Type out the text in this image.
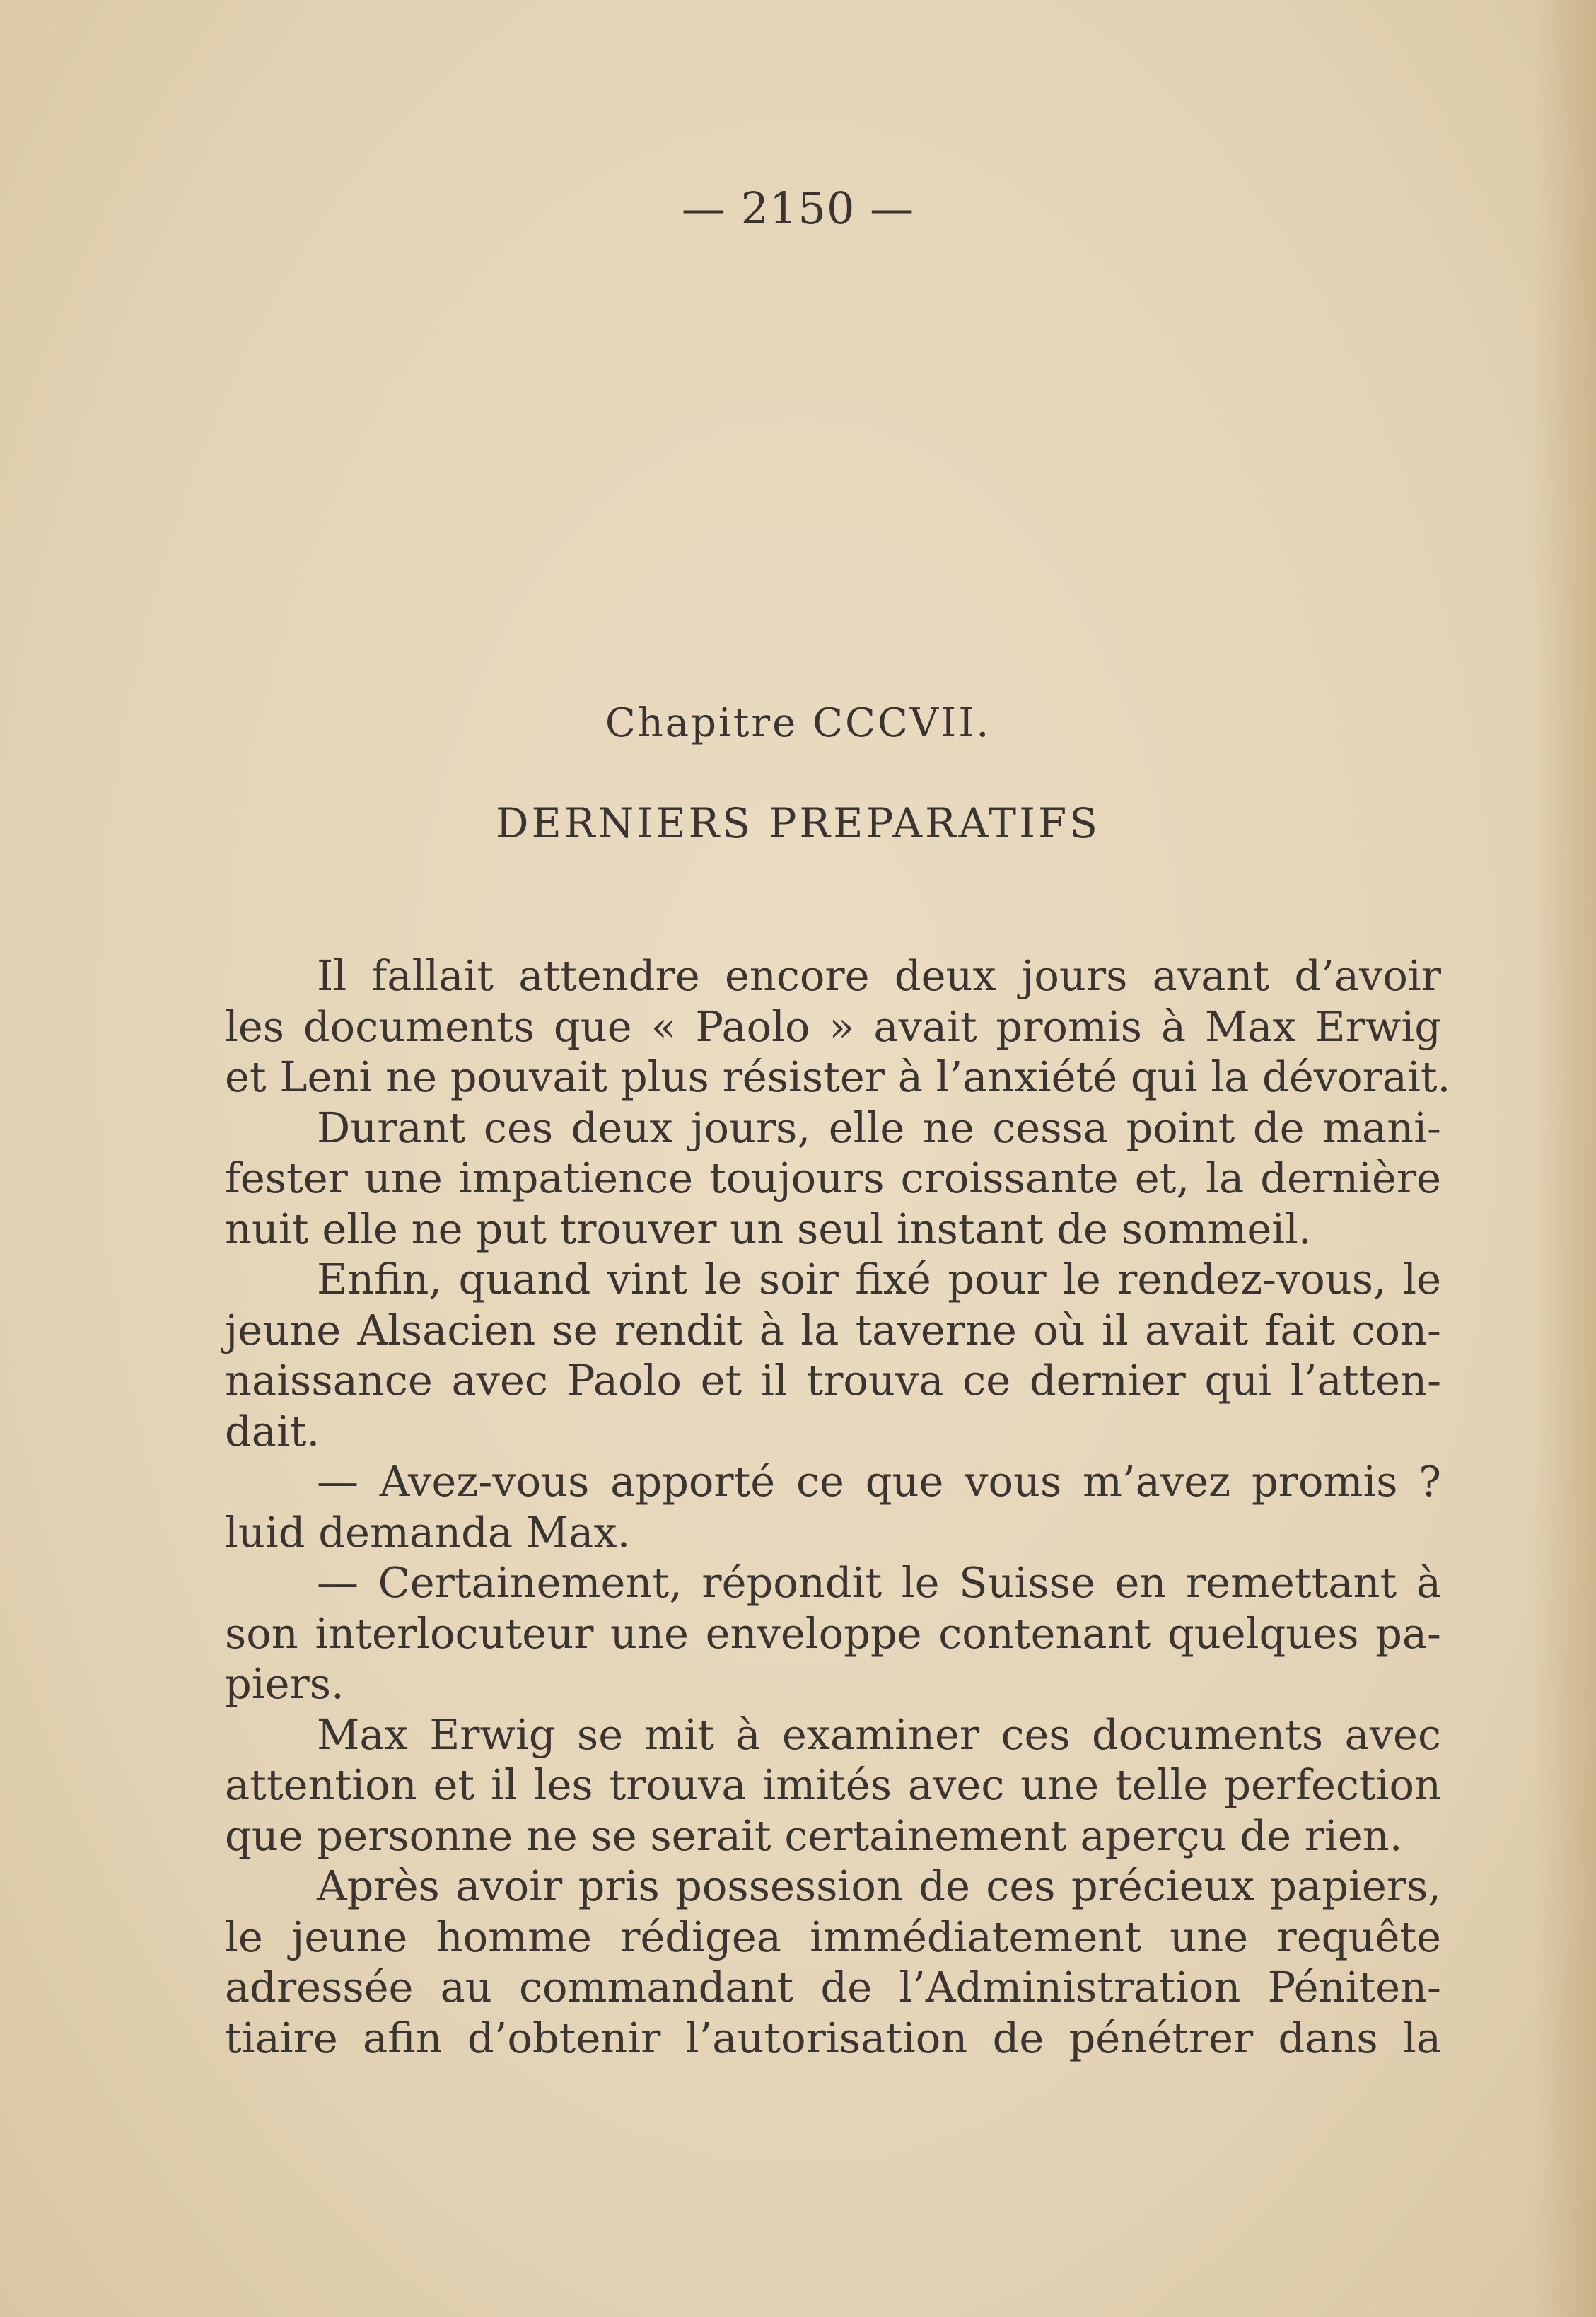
— 2150 —
Chapitre CCCVII.
DERNIERS PREPARATIFS
Il fallait attendre encore deux jours avant d’avoir
les documents que « Paolo » avait promis à Max Erwig
et Leni ne pouvait plus résister à l’anxiété qui la dévorait.
Durant ces deux jours, elle ne cessa point de mani-
fester une impatience toujours croissante et, la dernière
nuit elle ne put trouver un seul instant de sommeil.
Enfin, quand vint le soir fixé pour le rendez-vous, le
jeune Alsacien se rendit à la taverne où il avait fait con-
naissance avec Paolo et il trouva ce dernier qui l’atten-
dait.
— Avez-vous apporté ce que vous m’avez promis ?
luid demanda Max.
— Certainement, répondit le Suisse en remettant à
son interlocuteur une enveloppe contenant quelques pa-
piers.
Max Erwig se mit à examiner ces documents avec
attention et il les trouva imités avec une telle perfection
que personne ne se serait certainement aperçu de rien.
Après avoir pris possession de ces précieux papiers,
le jeune homme rédigea immédiatement une requête
adressée au commandant de l’Administration Péniten-
tiaire afin d’obtenir l’autorisation de pénétrer dans la
